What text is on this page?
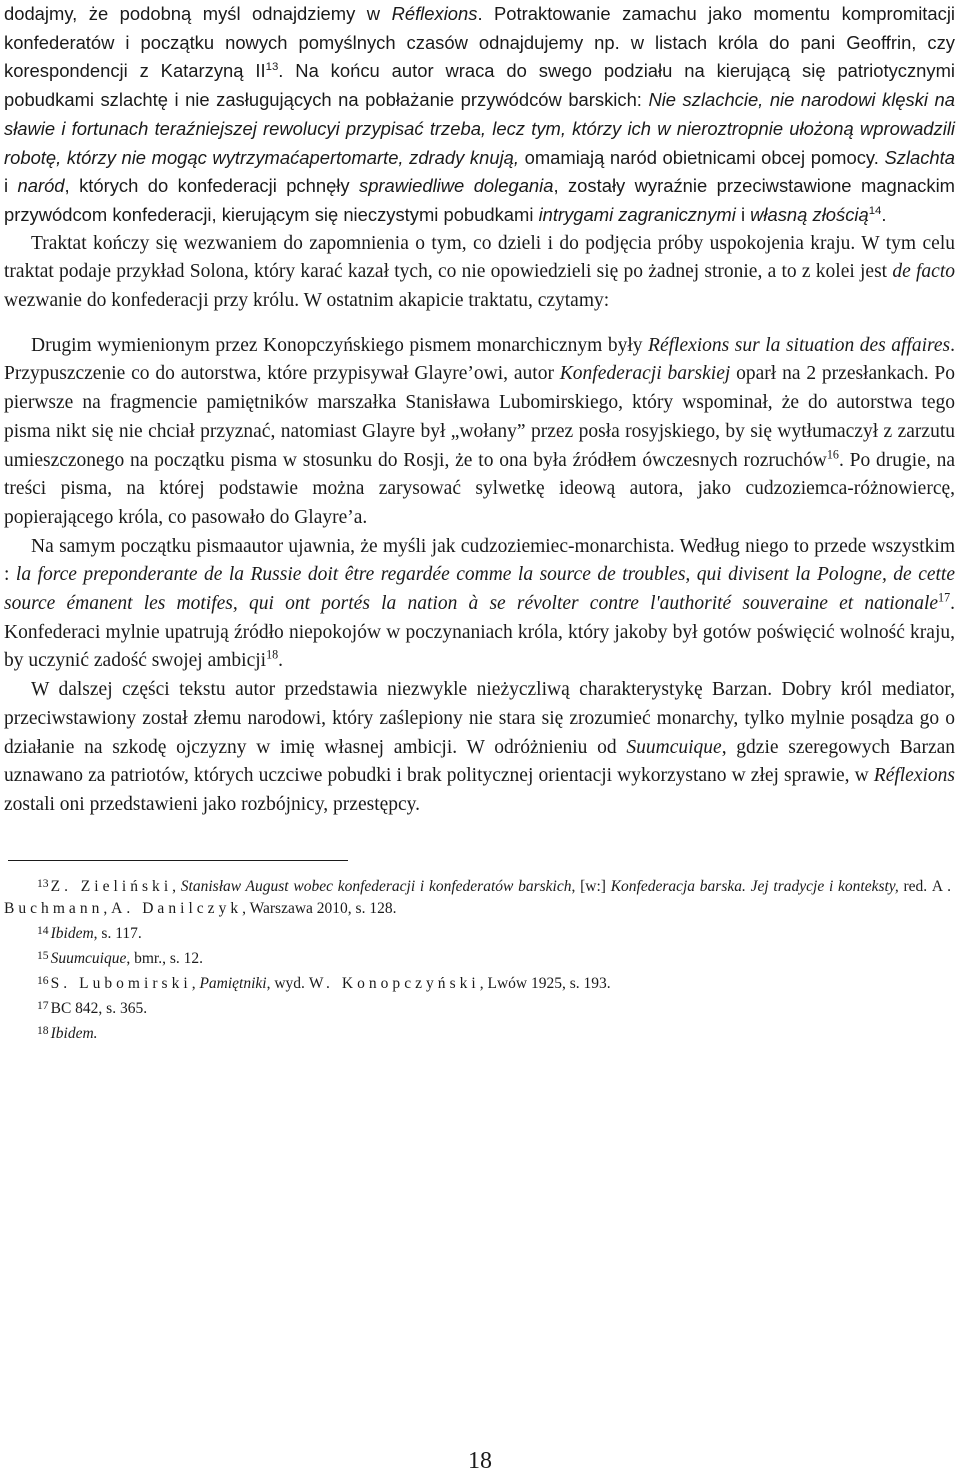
dodajmy, że podobną myśl odnajdziemy w Réflexions. Potraktowanie zamachu jako momentu kompromitacji konfederatów i początku nowych pomyślnych czasów odnajdujemy np. w listach króla do pani Geoffrin, czy korespondencji z Katarzyną II$^{13}$. Na końcu autor wraca do swego podziału na kierującą się patriotycznymi pobudkami szlachtę i nie zasługujących na pobłażanie przywódców barskich: Nie szlachcie, nie narodowi klęski na sławie i fortunach teraźniejszej rewolucyi przypisać trzeba, lecz tym, którzy ich w nieroztropnie ułożoną wprowadzili robotę, którzy nie mogąc wytrzymaćapertomarte, zdrady knują, omamiają naród obietnicami obcej pomocy. Szlachta i naród, których do konfederacji pchnęły sprawiedliwe dolegania, zostały wyraźnie przeciwstawione magnackim przywódcom konfederacji, kierującym się nieczystymi pobudkami intrygami zagranicznymi i własną złością$^{14}$.

Traktat kończy się wezwaniem do zapomnienia o tym, co dzieli i do podjęcia próby uspokojenia kraju. W tym celu traktat podaje przykład Solona, który karać kazał tych, co nie opowiedzieli się po żadnej stronie, a to z kolei jest de facto wezwanie do konfederacji przy królu. W ostatnim akapicie traktatu, czytamy:

Drugim wymienionym przez Konopczyńskiego pismem monarchicznym były Réflexions sur la situation des affaires. Przypuszczenie co do autorstwa, które przypisywał Glayre’owi, autor Konfederacji barskiej oparł na 2 przesłankach. Po pierwsze na fragmencie pamiętników marszałka Stanisława Lubomirskiego, który wspominał, że do autorstwa tego pisma nikt się nie chciał przyznać, natomiast Glayre był „wołany” przez posła rosyjskiego, by się wytłumaczył z zarzutu umieszczonego na początku pisma w stosunku do Rosji, że to ona była źródłem ówczesnych rozruchów$^{16}$. Po drugie, na treści pisma, na której podstawie można zarysować sylwetkę ideową autora, jako cudzoziemca-różnowiercę, popierającego króla, co pasowało do Glayre’a.

Na samym początku pismaautor ujawnia, że myśli jak cudzoziemiec-monarchista. Według niego to przede wszystkim : la force preponderante de la Russie doit être regardée comme la source de troubles, qui divisent la Pologne, de cette source émanent les motifes, qui ont portés la nation à se révolter contre l'authorité souveraine et nationale$^{17}$. Konfederaci mylnie upatrują źródło niepokojów w poczynaniach króla, który jakoby był gotów poświęcić wolność kraju, by uczynić zadość swojej ambicji$^{18}$.

W dalszej części tekstu autor przedstawia niezwykle nieżyczliwą charakterystykę Barzan. Dobry król mediator, przeciwstawiony został złemu narodowi, który zaślepiony nie stara się zrozumieć monarchy, tylko mylnie posądza go o działanie na szkodę ojczyzny w imię własnej ambicji. W odróżnieniu od Suumcuique, gdzie szeregowych Barzan uznawano za patriotów, których uczciwe pobudki i brak politycznej orientacji wykorzystano w złej sprawie, w Réflexions zostali oni przedstawieni jako rozbójnicy, przestępcy.

$^{13}$ Z. Zieliński, Stanisław August wobec konfederacji i konfederatów barskich, [w:] Konfederacja barska. Jej tradycje i konteksty, red. A. Buchmann, A. Danilczyk, Warszawa 2010, s. 128.

$^{14}$ Ibidem, s. 117.

$^{15}$ Suumcuique, bmr., s. 12.

$^{16}$ S. Lubomirski, Pamiętniki, wyd. W. Konopczyński, Lwów 1925, s. 193.

$^{17}$ BC 842, s. 365.

$^{18}$ Ibidem.

18
